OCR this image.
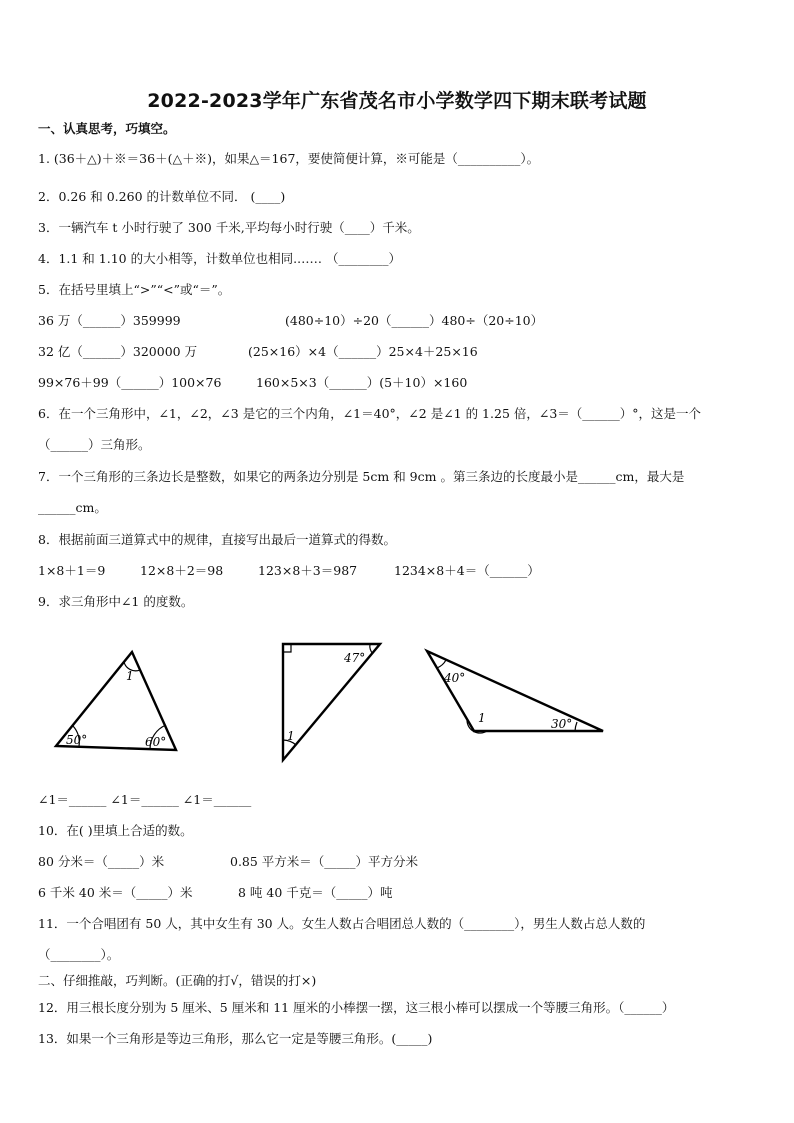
2022-2023学年广东省茂名市小学数学四下期末联考试题
一、认真思考，巧填空。
1. (36＋△)＋※＝36＋(△＋※)，如果△＝167，要使简便计算，※可能是（__________）。
2．0.26 和 0.260 的计数单位不同． (____)
3．一辆汽车 t 小时行驶了 300 千米,平均每小时行驶（____）千米。
4．1.1 和 1.10 的大小相等，计数单位也相同.…… （________）
5．在括号里填上“>”“<”或“＝”。
36 万（______）359999	(480÷10）÷20（______）480÷（20÷10）
32 亿（______）320000 万	(25×16）×4（______）25×4＋25×16
99×76＋99（______）100×76	160×5×3（______）(5＋10）×160
6．在一个三角形中，∠1，∠2，∠3 是它的三个内角，∠1＝40°，∠2 是∠1 的 1.25 倍，∠3＝（______）°，这是一个
（______）三角形。
7．一个三角形的三条边长是整数，如果它的两条边分别是 5cm 和 9cm 。第三条边的长度最小是______cm，最大是
______cm。
8．根据前面三道算式中的规律，直接写出最后一道算式的得数。
1×8＋1＝9	12×8＋2＝98	123×8＋3＝987	1234×8＋4＝（______）
9．求三角形中∠1 的度数。
1
50°	60°
47°
1
40°
1	30°
∠1＝______ ∠1＝______ ∠1＝______
10．在( )里填上合适的数。
80 分米＝（_____）米	0.85 平方米＝（_____）平方分米
6 千米 40 米＝（_____）米	8 吨 40 千克＝（_____）吨
11．一个合唱团有 50 人，其中女生有 30 人。女生人数占合唱团总人数的（________），男生人数占总人数的
（________）。
二、仔细推敲，巧判断。(正确的打√，错误的打×)
12．用三根长度分别为 5 厘米、5 厘米和 11 厘米的小棒摆一摆，这三根小棒可以摆成一个等腰三角形。（______）
13．如果一个三角形是等边三角形，那么它一定是等腰三角形。(_____)
